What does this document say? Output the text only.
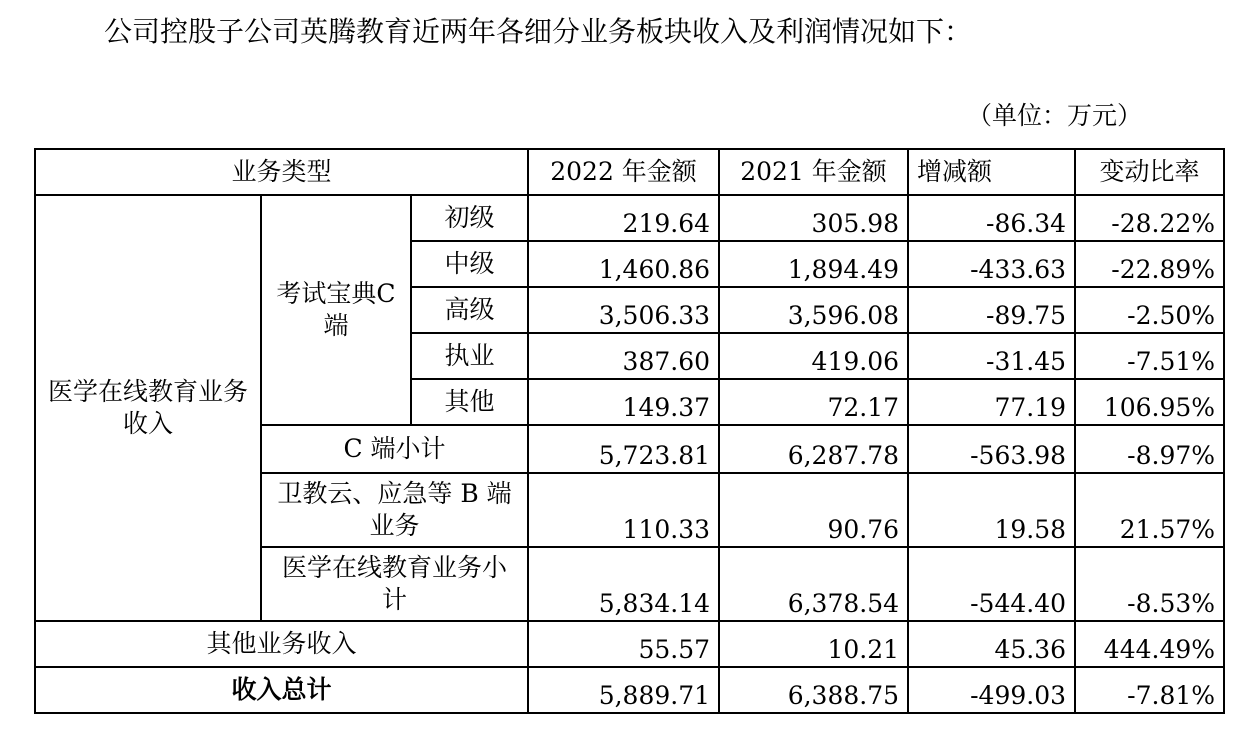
公司控股子公司英腾教育近两年各细分业务板块收入及利润情况如下：
（单位：万元）
业务类型			2022 年金额	2021 年金额	增减额	变动比率
医学在线教育业务收入	考试宝典C 端	初级	219.64	305.98	-86.34	-28.22%
		中级	1,460.86	1,894.49	-433.63	-22.89%
		高级	3,506.33	3,596.08	-89.75	-2.50%
		执业	387.60	419.06	-31.45	-7.51%
		其他	149.37	72.17	77.19	106.95%
	C 端小计		5,723.81	6,287.78	-563.98	-8.97%
	卫教云、应急等 B 端业务		110.33	90.76	19.58	21.57%
	医学在线教育业务小计		5,834.14	6,378.54	-544.40	-8.53%
其他业务收入			55.57	10.21	45.36	444.49%
收入总计			5,889.71	6,388.75	-499.03	-7.81%
